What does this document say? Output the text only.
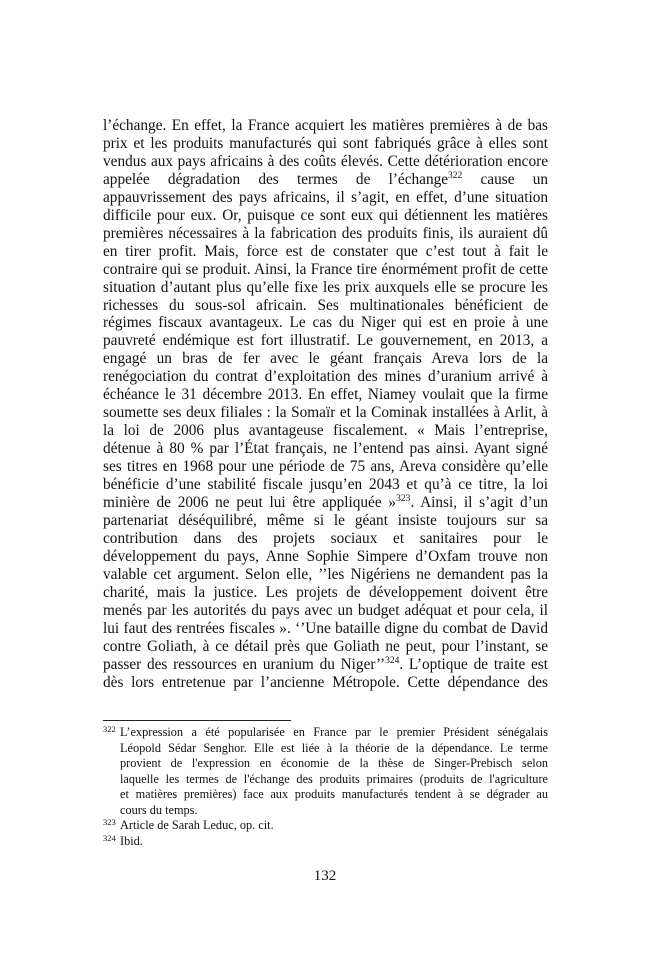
l’échange. En effet, la France acquiert les matières premières à de bas
prix et les produits manufacturés qui sont fabriqués grâce à elles sont
vendus aux pays africains à des coûts élevés. Cette détérioration encore
appelée dégradation des termes de l’échange$^{322}$ cause un
appauvrissement des pays africains, il s’agit, en effet, d’une situation
difficile pour eux. Or, puisque ce sont eux qui détiennent les matières
premières nécessaires à la fabrication des produits finis, ils auraient dû
en tirer profit. Mais, force est de constater que c’est tout à fait le
contraire qui se produit. Ainsi, la France tire énormément profit de cette
situation d’autant plus qu’elle fixe les prix auxquels elle se procure les
richesses du sous-sol africain. Ses multinationales bénéficient de
régimes fiscaux avantageux. Le cas du Niger qui est en proie à une
pauvreté endémique est fort illustratif. Le gouvernement, en 2013, a
engagé un bras de fer avec le géant français Areva lors de la
renégociation du contrat d’exploitation des mines d’uranium arrivé à
échéance le 31 décembre 2013. En effet, Niamey voulait que la firme
soumette ses deux filiales : la Somaïr et la Cominak installées à Arlit, à
la loi de 2006 plus avantageuse fiscalement. « Mais l’entreprise,
détenue à 80 % par l’État français, ne l’entend pas ainsi. Ayant signé
ses titres en 1968 pour une période de 75 ans, Areva considère qu’elle
bénéficie d’une stabilité fiscale jusqu’en 2043 et qu’à ce titre, la loi
minière de 2006 ne peut lui être appliquée »$^{323}$. Ainsi, il s’agit d’un
partenariat déséquilibré, même si le géant insiste toujours sur sa
contribution dans des projets sociaux et sanitaires pour le
développement du pays, Anne Sophie Simpere d’Oxfam trouve non
valable cet argument. Selon elle, ’’les Nigériens ne demandent pas la
charité, mais la justice. Les projets de développement doivent être
menés par les autorités du pays avec un budget adéquat et pour cela, il
lui faut des rentrées fiscales ». ‘’Une bataille digne du combat de David
contre Goliath, à ce détail près que Goliath ne peut, pour l’instant, se
passer des ressources en uranium du Niger’’$^{324}$. L’optique de traite est
dès lors entretenue par l’ancienne Métropole. Cette dépendance des
322 L’expression a été popularisée en France par le premier Président sénégalais
Léopold Sédar Senghor. Elle est liée à la théorie de la dépendance. Le terme
provient de l'expression en économie de la thèse de Singer-Prebisch selon
laquelle les termes de l'échange des produits primaires (produits de l'agriculture
et matières premières) face aux produits manufacturés tendent à se dégrader au
cours du temps.
323 Article de Sarah Leduc, op. cit.
324 Ibid.
132
